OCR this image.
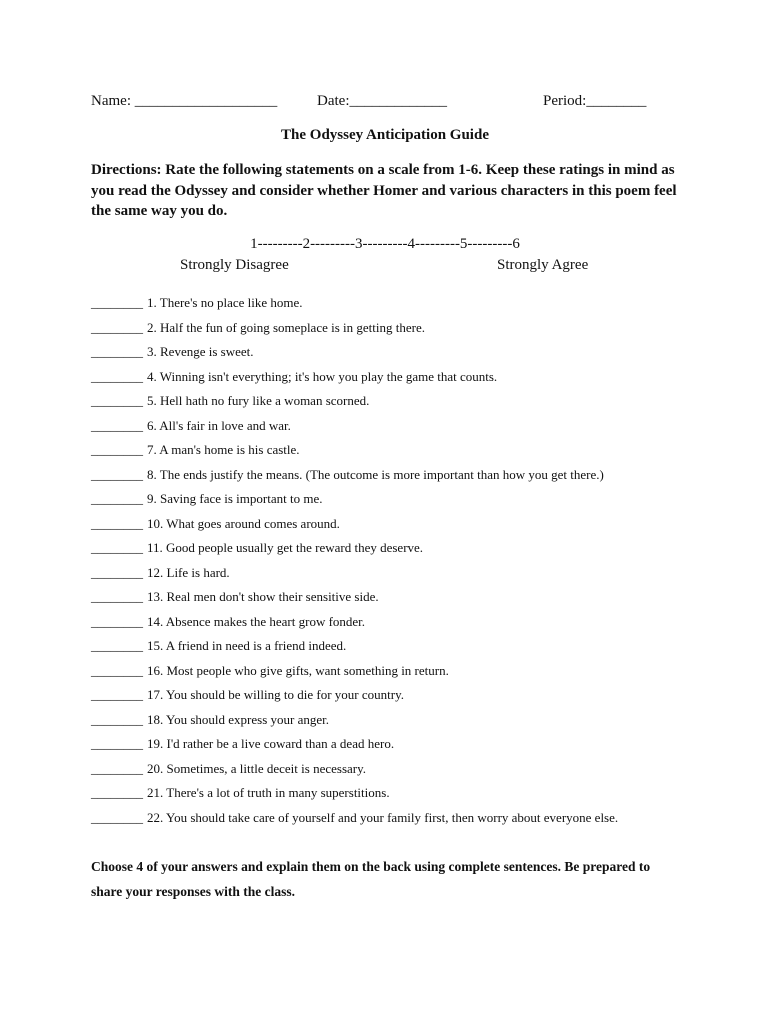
Name: ___________________	Date:_____________	Period:________
The Odyssey Anticipation Guide
Directions: Rate the following statements on a scale from 1-6. Keep these ratings in mind as you read the Odyssey and consider whether Homer and various characters in this poem feel the same way you do.
1---------2---------3---------4---------5---------6
Strongly Disagree	Strongly Agree
________ 1. There's no place like home.
________ 2. Half the fun of going someplace is in getting there.
________ 3. Revenge is sweet.
________ 4. Winning isn't everything; it's how you play the game that counts.
________ 5. Hell hath no fury like a woman scorned.
________ 6. All's fair in love and war.
________ 7. A man's home is his castle.
________ 8. The ends justify the means. (The outcome is more important than how you get there.)
________ 9. Saving face is important to me.
________ 10. What goes around comes around.
________ 11. Good people usually get the reward they deserve.
________ 12. Life is hard.
________ 13. Real men don't show their sensitive side.
________ 14. Absence makes the heart grow fonder.
________ 15. A friend in need is a friend indeed.
________ 16. Most people who give gifts, want something in return.
________ 17. You should be willing to die for your country.
________ 18. You should express your anger.
________ 19. I'd rather be a live coward than a dead hero.
________ 20. Sometimes, a little deceit is necessary.
________ 21. There's a lot of truth in many superstitions.
________ 22. You should take care of yourself and your family first, then worry about everyone else.
Choose 4 of your answers and explain them on the back using complete sentences. Be prepared to share your responses with the class.
